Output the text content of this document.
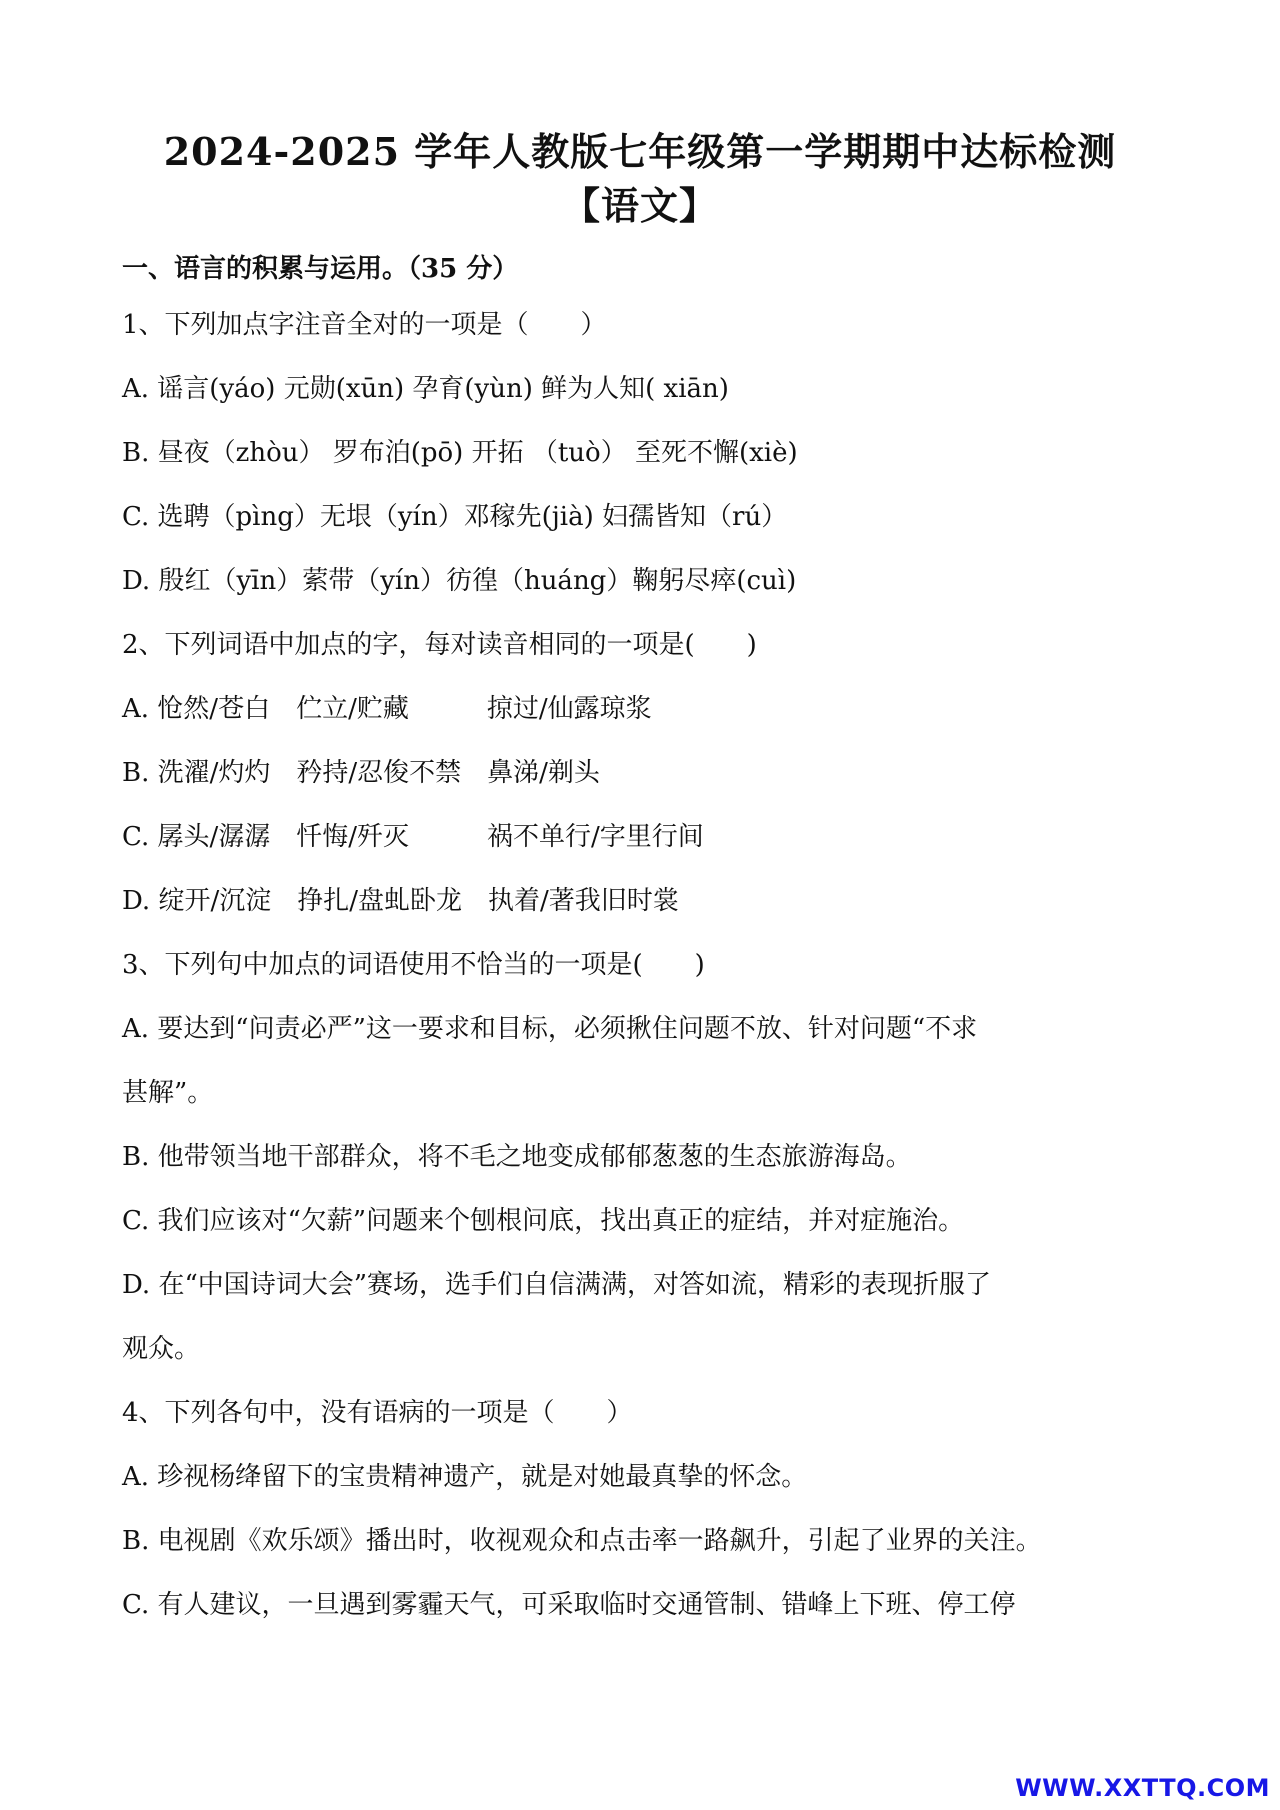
2024-2025 学年人教版七年级第一学期期中达标检测
【语文】
一、语言的积累与运用。（35 分）
1、下列加点字注音全对的一项是（　　）
A. 谣言(yáo) 元勋(xūn) 孕育(yùn) 鲜为人知( xiān)
B. 昼夜（zhòu） 罗布泊(pō) 开拓 （tuò） 至死不懈(xiè)
C. 选聘（pìng）无垠（yín）邓稼先(jià) 妇孺皆知（rú）
D. 殷红（yīn）萦带（yín）彷徨（huáng）鞠躬尽瘁(cuì)
2、下列词语中加点的字，每对读音相同的一项是(　　)
A. 怆然/苍白　伫立/贮藏　　　掠过/仙露琼浆
B. 洗濯/灼灼　矜持/忍俊不禁　鼻涕/剃头
C. 孱头/潺潺　忏悔/歼灭　　　祸不单行/字里行间
D. 绽开/沉淀　挣扎/盘虬卧龙　执着/著我旧时裳
3、下列句中加点的词语使用不恰当的一项是(　　)
A. 要达到“问责必严”这一要求和目标，必须揪住问题不放、针对问题“不求
甚解”。
B. 他带领当地干部群众，将不毛之地变成郁郁葱葱的生态旅游海岛。
C. 我们应该对“欠薪”问题来个刨根问底，找出真正的症结，并对症施治。
D. 在“中国诗词大会”赛场，选手们自信满满，对答如流，精彩的表现折服了
观众。
4、下列各句中，没有语病的一项是（　　）
A. 珍视杨绛留下的宝贵精神遗产，就是对她最真挚的怀念。
B. 电视剧《欢乐颂》播出时，收视观众和点击率一路飙升，引起了业界的关注。
C. 有人建议，一旦遇到雾霾天气，可采取临时交通管制、错峰上下班、停工停
WWW.XXTTQ.COM
